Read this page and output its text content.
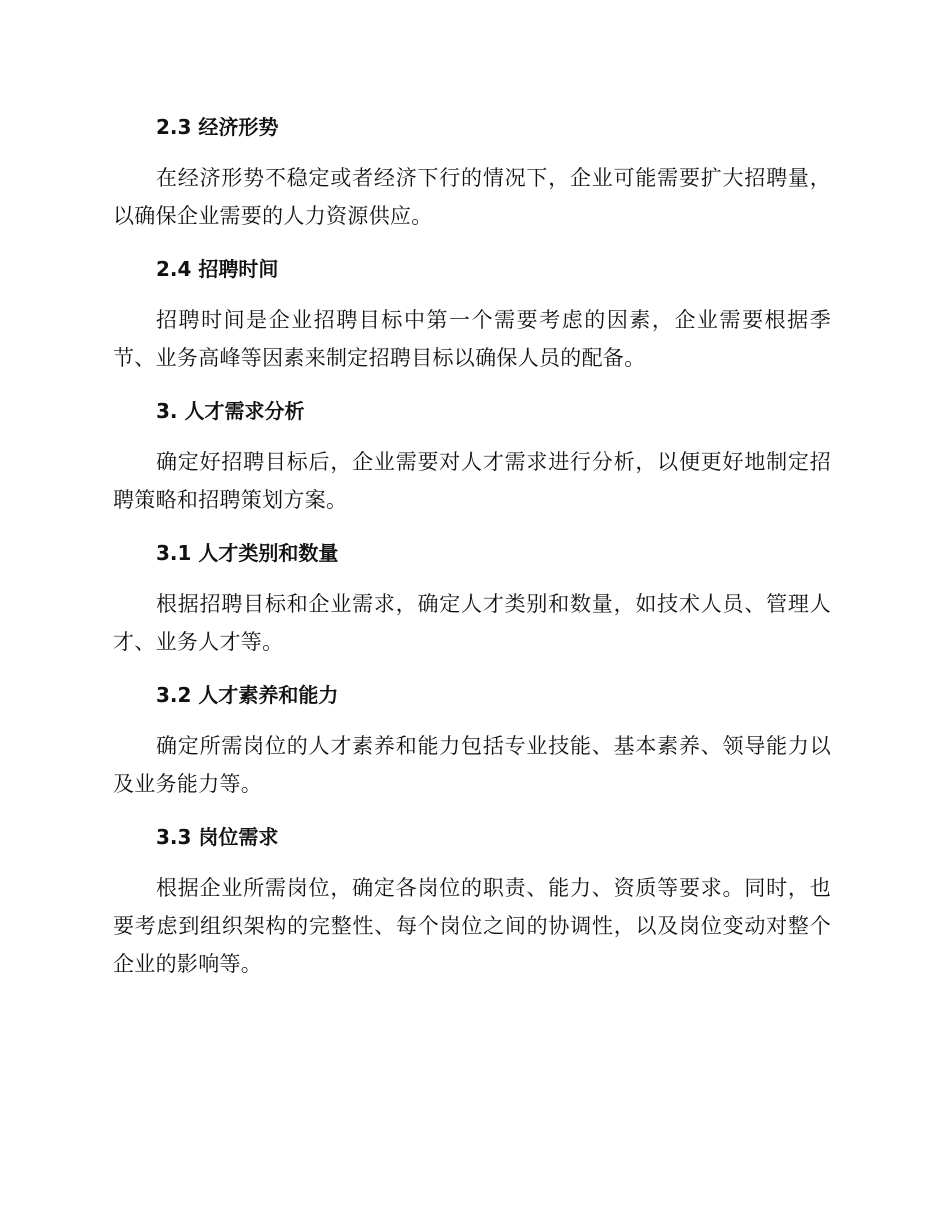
2.3 经济形势

在经济形势不稳定或者经济下行的情况下，企业可能需要扩大招聘量，以确保企业需要的人力资源供应。

2.4 招聘时间

招聘时间是企业招聘目标中第一个需要考虑的因素，企业需要根据季节、业务高峰等因素来制定招聘目标以确保人员的配备。

3. 人才需求分析

确定好招聘目标后，企业需要对人才需求进行分析，以便更好地制定招聘策略和招聘策划方案。

3.1 人才类别和数量

根据招聘目标和企业需求，确定人才类别和数量，如技术人员、管理人才、业务人才等。

3.2 人才素养和能力

确定所需岗位的人才素养和能力包括专业技能、基本素养、领导能力以及业务能力等。

3.3 岗位需求

根据企业所需岗位，确定各岗位的职责、能力、资质等要求。同时，也要考虑到组织架构的完整性、每个岗位之间的协调性，以及岗位变动对整个企业的影响等。
